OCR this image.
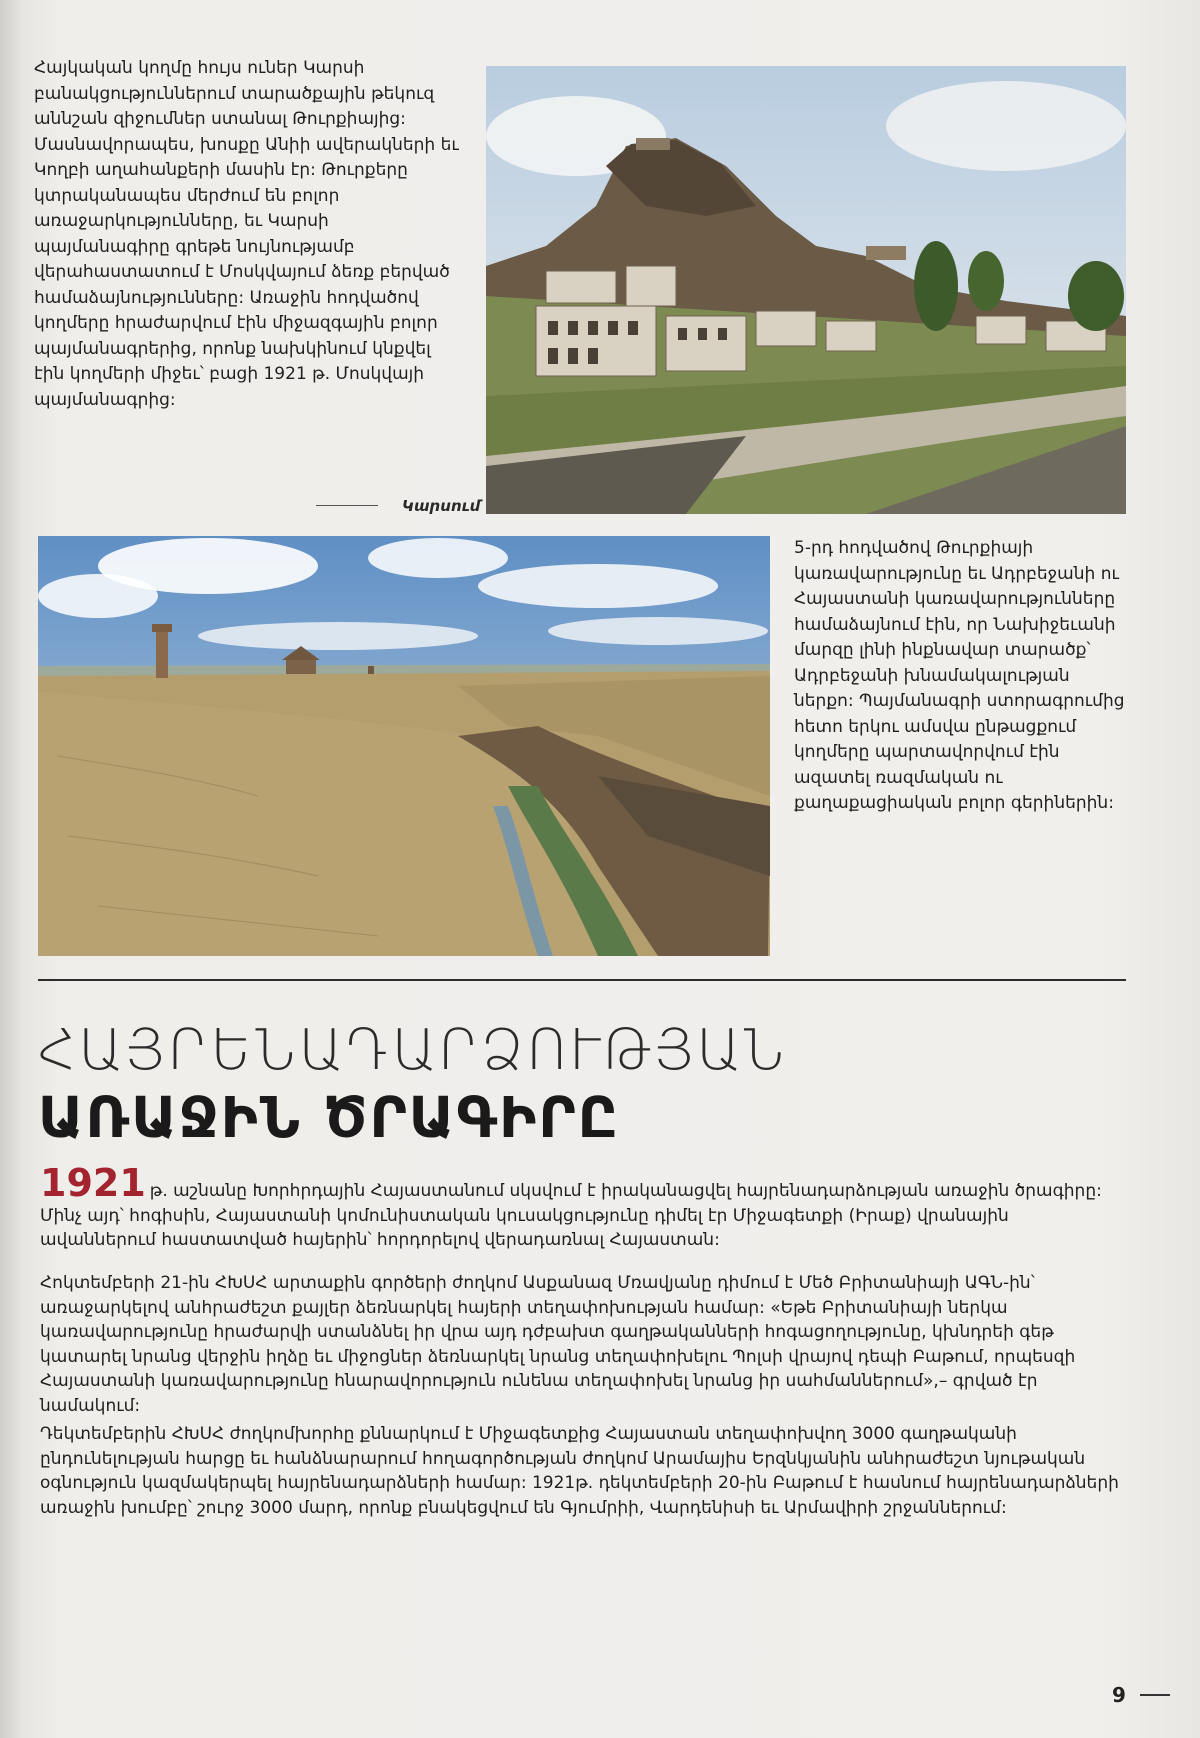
Հայկական կողմը հույս ուներ Կարսի բանակցություններում տարածքային թեկուզ աննշան զիջումներ ստանալ Թուրքիայից: Մասնավորապես, խոսքը Անիի ավերակների եւ Կողբի աղահանքերի մասին էր: Թուրքերը կտրականապես մերժում են բոլոր առաջարկությունները, եւ Կարսի պայմանագիրը գրեթե նույնությամբ վերահաստատում է Մոսկվայում ձեռք բերված համաձայնությունները: Առաջին հոդվածով կողմերը հրաժարվում էին միջազգային բոլոր պայմանագրերից, որոնք նախկինում կնքվել էին կողմերի միջեւ՝ բացի 1921 թ. Մոսկվայի պայմանագրից:

Կարսում

5-րդ հոդվածով Թուրքիայի կառավարությունը եւ Ադրբեջանի ու Հայաստանի կառավարությունները համաձայնում էին, որ Նախիջեւանի մարզը լինի ինքնավար տարածք՝ Ադրբեջանի խնամակալության ներքո: Պայմանագրի ստորագրումից հետո երկու ամսվա ընթացքում կողմերը պարտավորվում էին ազատել ռազմական ու քաղաքացիական բոլոր գերիներին:

ՀԱՅՐԵՆԱԴԱՐՁՈՒԹՅԱՆ
ԱՌԱՋԻՆ ԾՐԱԳԻՐԸ

1921 թ. աշնանը Խորհրդային Հայաստանում սկսվում է իրականացվել հայրենադարձության առաջին ծրագիրը: Մինչ այդ՝ հոգիսին, Հայաստանի կոմունիստական կուսակցությունը դիմել էր Միջագետքի (Իրաք) վրանային ավաններում հաստատված հայերին՝ հորդորելով վերադառնալ Հայաստան:

Հոկտեմբերի 21-ին ՀԽՍՀ արտաքին գործերի ժողկոմ Ասքանազ Մռավյանը դիմում է Մեծ Բրիտանիայի ԱԳՆ-ին՝ առաջարկելով անհրաժեշտ քայլեր ձեռնարկել հայերի տեղափոխության համար: «Եթե Բրիտանիայի ներկա կառավարությունը հրաժարվի ստանձնել իր վրա այդ դժբախտ գաղթականների հոգացողությունը, կխնդրեի գեթ կատարել նրանց վերջին իղձը եւ միջոցներ ձեռնարկել նրանց տեղափոխելու Պոլսի վրայով դեպի Բաթում, որպեսզի Հայաստանի կառավարությունը հնարավորություն ունենա տեղափոխել նրանց իր սահմաններում»,– գրված էր նամակում:

Դեկտեմբերին ՀԽՍՀ ժողկոմխորհը քննարկում է Միջագետքից Հայաստան տեղափոխվող 3000 գաղթականի ընդունելության հարցը եւ հանձնարարում հողագործության ժողկոմ Արամայիս Երզնկյանին անհրաժեշտ նյութական օգնություն կազմակերպել հայրենադարձների համար: 1921թ. դեկտեմբերի 20-ին Բաթում է հասնում հայրենադարձների առաջին խումբը՝ շուրջ 3000 մարդ, որոնք բնակեցվում են Գյումրիի, Վարդենիսի եւ Արմավիրի շրջաններում:

9
